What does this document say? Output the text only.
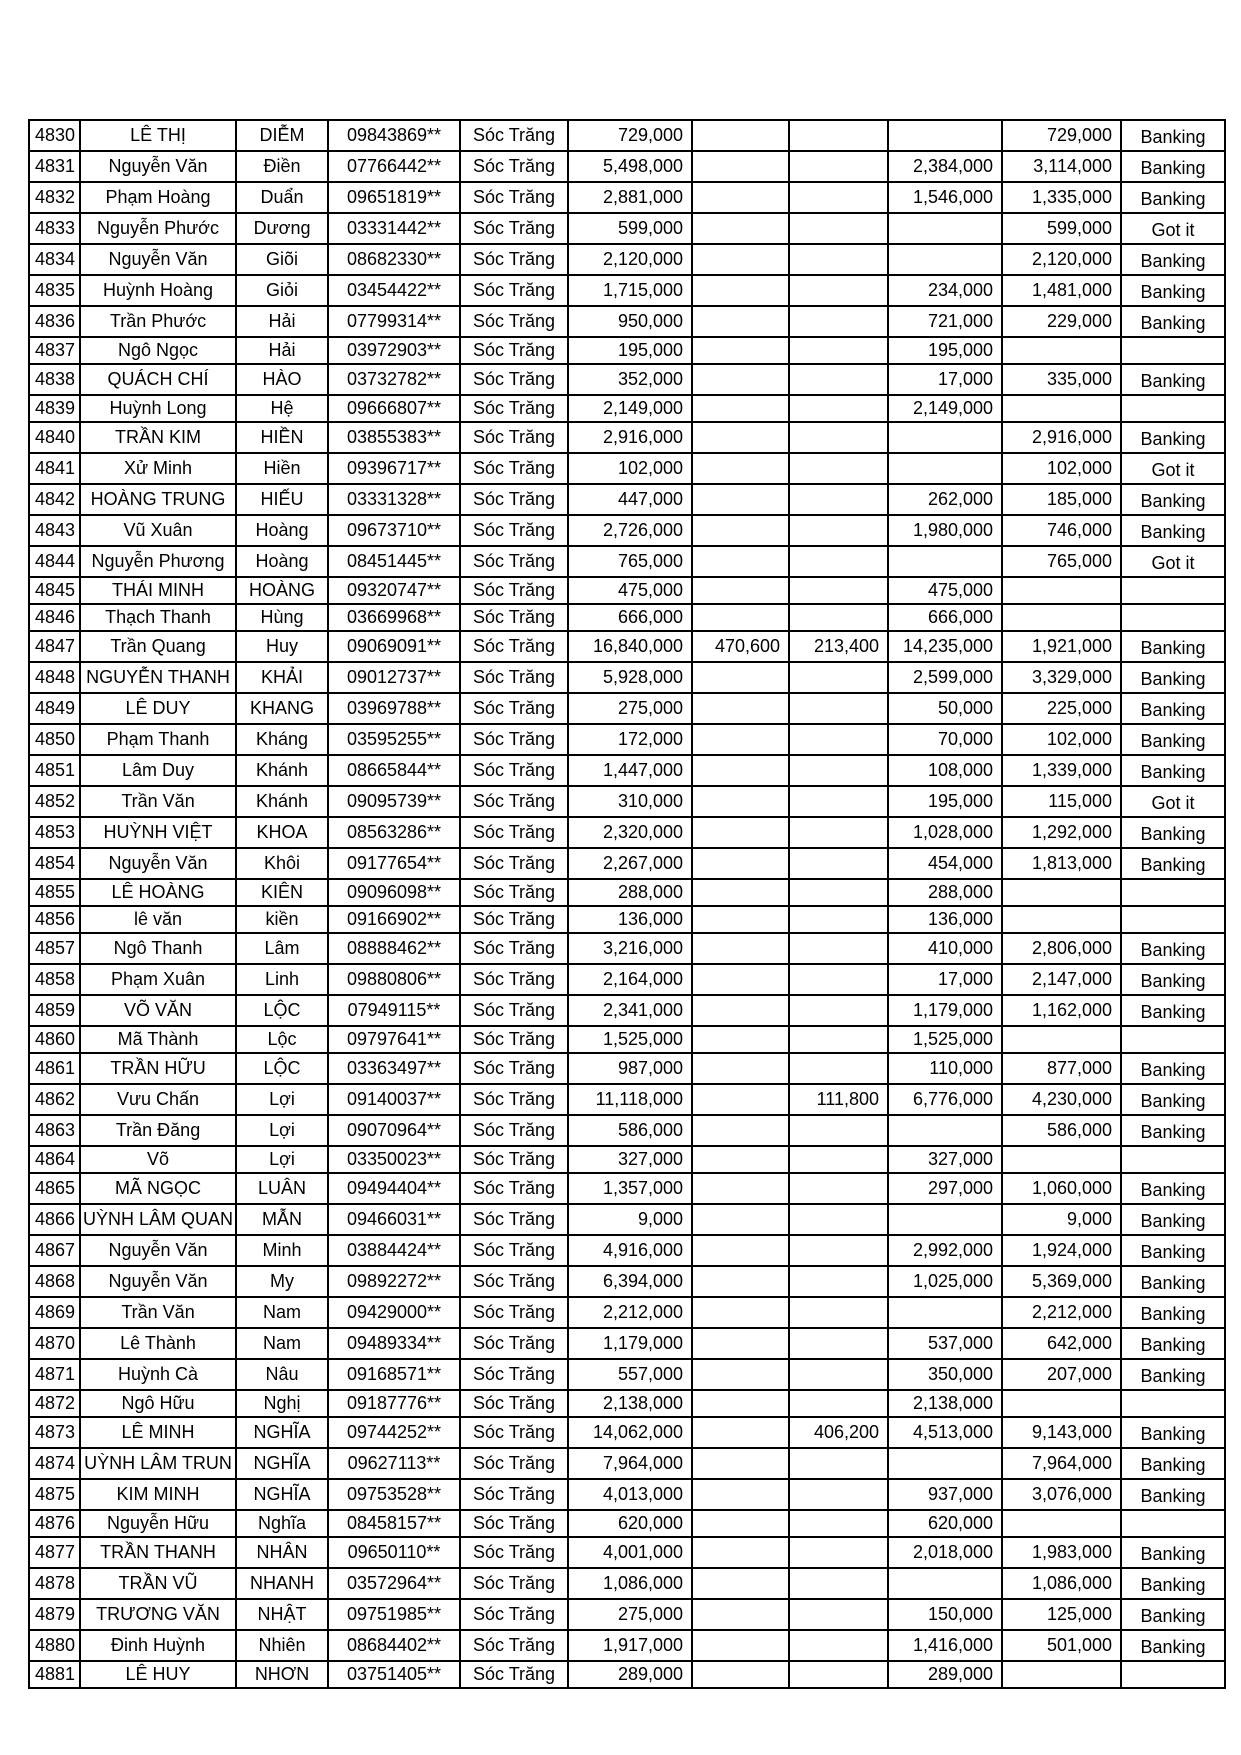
4830	LÊ THỊ	DIỄM	09843869**	Sóc Trăng	729,000				729,000	Banking
4831	Nguyễn Văn	Điền	07766442**	Sóc Trăng	5,498,000			2,384,000	3,114,000	Banking
4832	Phạm Hoàng	Duẩn	09651819**	Sóc Trăng	2,881,000			1,546,000	1,335,000	Banking
4833	Nguyễn Phước	Dương	03331442**	Sóc Trăng	599,000				599,000	Got it
4834	Nguyễn Văn	Giõi	08682330**	Sóc Trăng	2,120,000				2,120,000	Banking
4835	Huỳnh Hoàng	Giỏi	03454422**	Sóc Trăng	1,715,000			234,000	1,481,000	Banking
4836	Trần Phước	Hải	07799314**	Sóc Trăng	950,000			721,000	229,000	Banking
4837	Ngô Ngọc	Hải	03972903**	Sóc Trăng	195,000			195,000		
4838	QUÁCH CHÍ	HÀO	03732782**	Sóc Trăng	352,000			17,000	335,000	Banking
4839	Huỳnh Long	Hệ	09666807**	Sóc Trăng	2,149,000			2,149,000		
4840	TRẦN KIM	HIỀN	03855383**	Sóc Trăng	2,916,000				2,916,000	Banking
4841	Xử Minh	Hiền	09396717**	Sóc Trăng	102,000				102,000	Got it
4842	HOÀNG TRUNG	HIẾU	03331328**	Sóc Trăng	447,000			262,000	185,000	Banking
4843	Vũ Xuân	Hoàng	09673710**	Sóc Trăng	2,726,000			1,980,000	746,000	Banking
4844	Nguyễn Phương	Hoàng	08451445**	Sóc Trăng	765,000				765,000	Got it
4845	THÁI MINH	HOÀNG	09320747**	Sóc Trăng	475,000			475,000		
4846	Thạch Thanh	Hùng	03669968**	Sóc Trăng	666,000			666,000		
4847	Trần Quang	Huy	09069091**	Sóc Trăng	16,840,000	470,600	213,400	14,235,000	1,921,000	Banking
4848	NGUYỄN THANH	KHẢI	09012737**	Sóc Trăng	5,928,000			2,599,000	3,329,000	Banking
4849	LÊ DUY	KHANG	03969788**	Sóc Trăng	275,000			50,000	225,000	Banking
4850	Phạm Thanh	Kháng	03595255**	Sóc Trăng	172,000			70,000	102,000	Banking
4851	Lâm Duy	Khánh	08665844**	Sóc Trăng	1,447,000			108,000	1,339,000	Banking
4852	Trần Văn	Khánh	09095739**	Sóc Trăng	310,000			195,000	115,000	Got it
4853	HUỲNH VIỆT	KHOA	08563286**	Sóc Trăng	2,320,000			1,028,000	1,292,000	Banking
4854	Nguyễn Văn	Khôi	09177654**	Sóc Trăng	2,267,000			454,000	1,813,000	Banking
4855	LÊ HOÀNG	KIÊN	09096098**	Sóc Trăng	288,000			288,000		
4856	lê văn	kiền	09166902**	Sóc Trăng	136,000			136,000		
4857	Ngô Thanh	Lâm	08888462**	Sóc Trăng	3,216,000			410,000	2,806,000	Banking
4858	Phạm Xuân	Linh	09880806**	Sóc Trăng	2,164,000			17,000	2,147,000	Banking
4859	VÕ VĂN	LỘC	07949115**	Sóc Trăng	2,341,000			1,179,000	1,162,000	Banking
4860	Mã Thành	Lộc	09797641**	Sóc Trăng	1,525,000			1,525,000		
4861	TRẦN HỮU	LỘC	03363497**	Sóc Trăng	987,000			110,000	877,000	Banking
4862	Vưu Chấn	Lợi	09140037**	Sóc Trăng	11,118,000		111,800	6,776,000	4,230,000	Banking
4863	Trần Đăng	Lợi	09070964**	Sóc Trăng	586,000				586,000	Banking
4864	Võ	Lợi	03350023**	Sóc Trăng	327,000			327,000		
4865	MÃ NGỌC	LUÂN	09494404**	Sóc Trăng	1,357,000			297,000	1,060,000	Banking
4866	UỲNH LÂM QUAN	MẪN	09466031**	Sóc Trăng	9,000				9,000	Banking
4867	Nguyễn Văn	Minh	03884424**	Sóc Trăng	4,916,000			2,992,000	1,924,000	Banking
4868	Nguyễn Văn	My	09892272**	Sóc Trăng	6,394,000			1,025,000	5,369,000	Banking
4869	Trần Văn	Nam	09429000**	Sóc Trăng	2,212,000				2,212,000	Banking
4870	Lê Thành	Nam	09489334**	Sóc Trăng	1,179,000			537,000	642,000	Banking
4871	Huỳnh Cà	Nâu	09168571**	Sóc Trăng	557,000			350,000	207,000	Banking
4872	Ngô Hữu	Nghị	09187776**	Sóc Trăng	2,138,000			2,138,000		
4873	LÊ MINH	NGHĨA	09744252**	Sóc Trăng	14,062,000		406,200	4,513,000	9,143,000	Banking
4874	UỲNH LÂM TRUN	NGHĨA	09627113**	Sóc Trăng	7,964,000				7,964,000	Banking
4875	KIM MINH	NGHĨA	09753528**	Sóc Trăng	4,013,000			937,000	3,076,000	Banking
4876	Nguyễn Hữu	Nghĩa	08458157**	Sóc Trăng	620,000			620,000		
4877	TRẦN THANH	NHÂN	09650110**	Sóc Trăng	4,001,000			2,018,000	1,983,000	Banking
4878	TRẦN VŨ	NHANH	03572964**	Sóc Trăng	1,086,000				1,086,000	Banking
4879	TRƯƠNG VĂN	NHẬT	09751985**	Sóc Trăng	275,000			150,000	125,000	Banking
4880	Đinh Huỳnh	Nhiên	08684402**	Sóc Trăng	1,917,000			1,416,000	501,000	Banking
4881	LÊ HUY	NHƠN	03751405**	Sóc Trăng	289,000			289,000		
